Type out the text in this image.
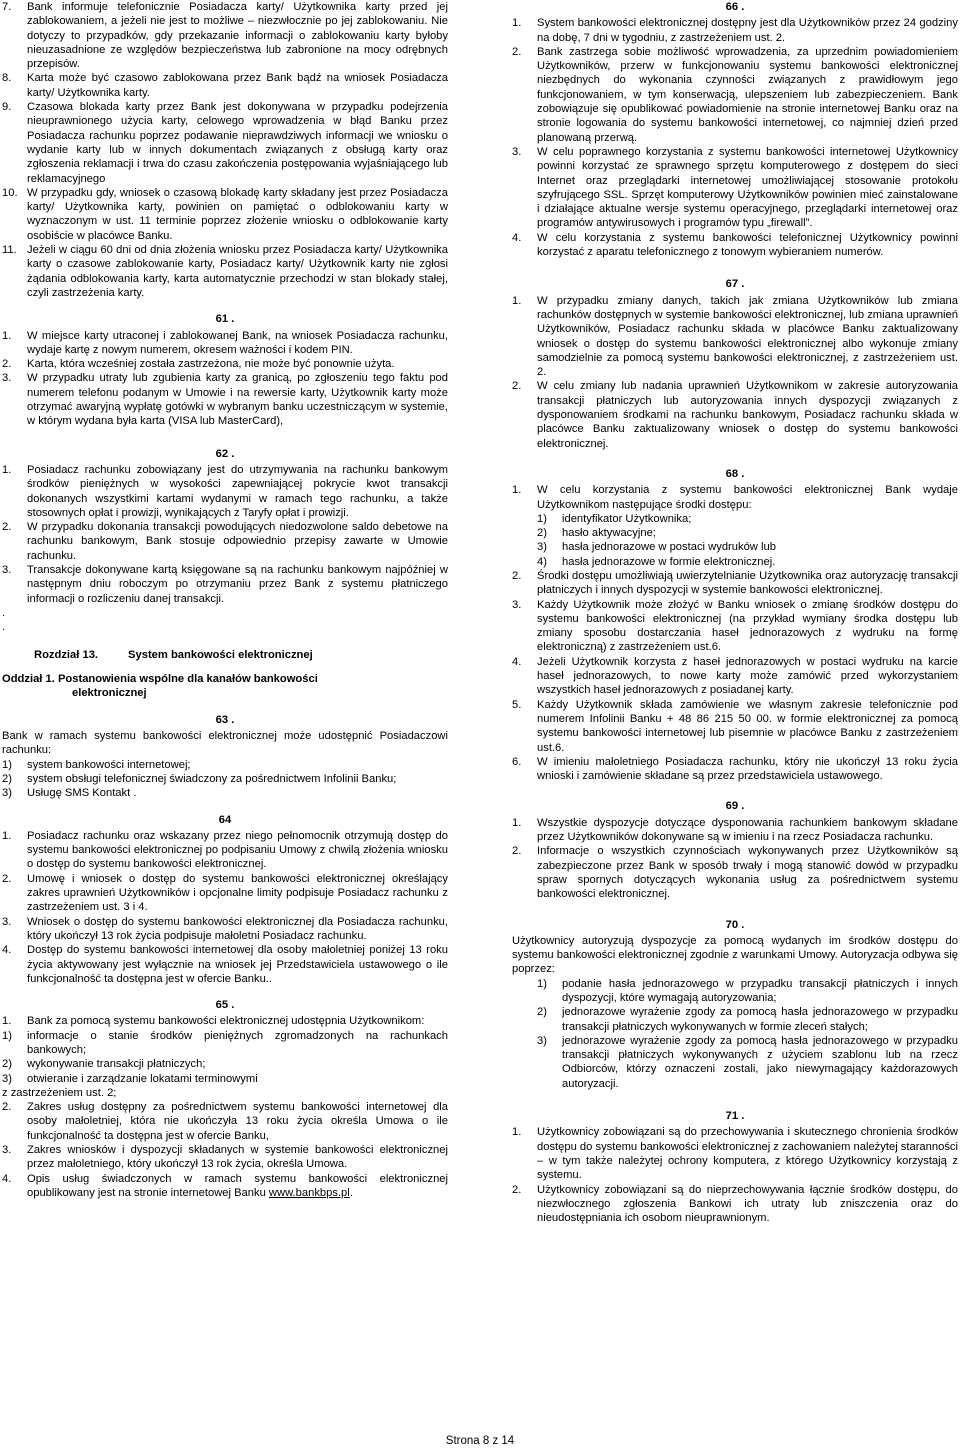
7. Bank informuje telefonicznie Posiadacza karty/ Użytkownika karty przed jej zablokowaniem, a jeżeli nie jest to możliwe – niezwłocznie po jej zablokowaniu. Nie dotyczy to przypadków, gdy przekazanie informacji o zablokowaniu karty byłoby nieuzasadnione ze względów bezpieczeństwa lub zabronione na mocy odrębnych przepisów.
8. Karta może być czasowo zablokowana przez Bank bądź na wniosek Posiadacza karty/ Użytkownika karty.
9. Czasowa blokada karty przez Bank jest dokonywana w przypadku podejrzenia nieuprawnionego użycia karty, celowego wprowadzenia w błąd Banku przez Posiadacza rachunku poprzez podawanie nieprawdziwych informacji we wniosku o wydanie karty lub w innych dokumentach związanych z obsługą karty oraz zgłoszenia reklamacji i trwa do czasu zakończenia postępowania wyjaśniającego lub reklamacyjnego
10. W przypadku gdy, wniosek o czasową blokadę karty składany jest przez Posiadacza karty/ Użytkownika karty, powinien on pamiętać o odblokowaniu karty w wyznaczonym w ust. 11 terminie poprzez złożenie wniosku o odblokowanie karty osobiście w placówce Banku.
11. Jeżeli w ciągu 60 dni od dnia złożenia wniosku przez Posiadacza karty/ Użytkownika karty o czasowe zablokowanie karty, Posiadacz karty/ Użytkownik karty nie zgłosi żądania odblokowania karty, karta automatycznie przechodzi w stan blokady stałej, czyli zastrzeżenia karty.

61 .

1. W miejsce karty utraconej i zablokowanej Bank, na wniosek Posiadacza rachunku, wydaje kartę z nowym numerem, okresem ważności i kodem PIN.
2. Karta, która wcześniej została zastrzeżona, nie może być ponownie użyta.
3. W przypadku utraty lub zgubienia karty za granicą, po zgłoszeniu tego faktu pod numerem telefonu podanym w Umowie i na rewersie karty, Użytkownik karty może otrzymać awaryjną wypłatę gotówki w wybranym banku uczestniczącym w systemie, w którym wydana była karta (VISA lub MasterCard),

62 .

1. Posiadacz rachunku zobowiązany jest do utrzymywania na rachunku bankowym środków pieniężnych w wysokości zapewniającej pokrycie kwot transakcji dokonanych wszystkimi kartami wydanymi w ramach tego rachunku, a także stosownych opłat i prowizji, wynikających z Taryfy opłat i prowizji.
2. W przypadku dokonania transakcji powodujących niedozwolone saldo debetowe na rachunku bankowym, Bank stosuje odpowiednio przepisy zawarte w Umowie rachunku.
3. Transakcje dokonywane kartą księgowane są na rachunku bankowym najpóźniej w następnym dniu roboczym po otrzymaniu przez Bank z systemu płatniczego informacji o rozliczeniu danej transakcji.

.

.

Rozdział 13.	System bankowości elektronicznej

Oddział 1. Postanowienia wspólne dla kanałów bankowości
elektronicznej

63 .

Bank w ramach systemu bankowości elektronicznej może udostępnić Posiadaczowi rachunku:

1) system bankowości internetowej;
2) system obsługi telefonicznej świadczony za pośrednictwem Infolinii Banku;
3) Usługę SMS Kontakt .

64

1. Posiadacz rachunku oraz wskazany przez niego pełnomocnik otrzymują dostęp do systemu bankowości elektronicznej po podpisaniu Umowy z chwilą złożenia wniosku o dostęp do systemu bankowości elektronicznej.
2. Umowę i wniosek o dostęp do systemu bankowości elektronicznej określający zakres uprawnień Użytkowników i opcjonalne limity podpisuje Posiadacz rachunku z zastrzeżeniem ust. 3 i 4.
3. Wniosek o dostęp do systemu bankowości elektronicznej dla Posiadacza rachunku, który ukończył 13 rok życia podpisuje małoletni Posiadacz rachunku.
4. Dostęp do systemu bankowości internetowej dla osoby małoletniej poniżej 13 roku życia aktywowany jest wyłącznie na wniosek jej Przedstawiciela ustawowego o ile funkcjonalność ta dostępna jest w ofercie Banku..

65 .

1. Bank za pomocą systemu bankowości elektronicznej udostępnia Użytkownikom:
1) informacje o stanie środków pieniężnych zgromadzonych na rachunkach bankowych;
2) wykonywanie transakcji płatniczych;
3) otwieranie i zarządzanie lokatami terminowymi

z zastrzeżeniem ust. 2;

2. Zakres usług dostępny za pośrednictwem systemu bankowości internetowej dla osoby małoletniej, która nie ukończyła 13 roku życia określa Umowa o ile funkcjonalność ta dostępna jest w ofercie Banku,
3. Zakres wniosków i dyspozycji składanych w systemie bankowości elektronicznej przez małoletniego, który ukończył 13 rok życia, określa Umowa.
4. Opis usług świadczonych w ramach systemu bankowości elektronicznej opublikowany jest na stronie internetowej Banku www.bankbps.pl.

66 .

1. System bankowości elektronicznej dostępny jest dla Użytkowników przez 24 godziny na dobę, 7 dni w tygodniu, z zastrzeżeniem ust. 2.
2. Bank zastrzega sobie możliwość wprowadzenia, za uprzednim powiadomieniem Użytkowników, przerw w funkcjonowaniu systemu bankowości elektronicznej niezbędnych do wykonania czynności związanych z prawidłowym jego funkcjonowaniem, w tym konserwacją, ulepszeniem lub zabezpieczeniem. Bank zobowiązuje się opublikować powiadomienie na stronie internetowej Banku oraz na stronie logowania do systemu bankowości internetowej, co najmniej dzień przed planowaną przerwą.
3. W celu poprawnego korzystania z systemu bankowości internetowej Użytkownicy powinni korzystać ze sprawnego sprzętu komputerowego z dostępem do sieci Internet oraz przeglądarki internetowej umożliwiającej stosowanie protokołu szyfrującego SSL. Sprzęt komputerowy Użytkowników powinien mieć zainstalowane i działające aktualne wersje systemu operacyjnego, przeglądarki internetowej oraz programów antywirusowych i programów typu „firewall”.
4. W celu korzystania z systemu bankowości telefonicznej Użytkownicy powinni korzystać z aparatu telefonicznego z tonowym wybieraniem numerów.

67 .

1. W przypadku zmiany danych, takich jak zmiana Użytkowników lub zmiana rachunków dostępnych w systemie bankowości elektronicznej, lub zmiana uprawnień Użytkowników, Posiadacz rachunku składa w placówce Banku zaktualizowany wniosek o dostęp do systemu bankowości elektronicznej albo wykonuje zmiany samodzielnie za pomocą systemu bankowości elektronicznej, z zastrzeżeniem ust. 2.
2. W celu zmiany lub nadania uprawnień Użytkownikom w zakresie autoryzowania transakcji płatniczych lub autoryzowania innych dyspozycji związanych z dysponowaniem środkami na rachunku bankowym, Posiadacz rachunku składa w placówce Banku zaktualizowany wniosek o dostęp do systemu bankowości elektronicznej.

68 .

1. W celu korzystania z systemu bankowości elektronicznej Bank wydaje Użytkownikom następujące środki dostępu:
1) identyfikator Użytkownika;
2) hasło aktywacyjne;
3) hasła jednorazowe w postaci wydruków lub
4) hasła jednorazowe w formie elektronicznej.
2. Środki dostępu umożliwiają uwierzytelnianie Użytkownika oraz autoryzację transakcji płatniczych i innych dyspozycji w systemie bankowości elektronicznej.
3. Każdy Użytkownik może złożyć w Banku wniosek o zmianę środków dostępu do systemu bankowości elektronicznej (na przykład wymiany środka dostępu lub zmiany sposobu dostarczania haseł jednorazowych z wydruku na formę elektroniczną) z zastrzeżeniem ust.6.
4. Jeżeli Użytkownik korzysta z haseł jednorazowych w postaci wydruku na karcie haseł jednorazowych, to nowe karty może zamówić przed wykorzystaniem wszystkich haseł jednorazowych z posiadanej karty.
5. Każdy Użytkownik składa zamówienie we własnym zakresie telefonicznie pod numerem Infolinii Banku + 48 86 215 50 00. w formie elektronicznej za pomocą systemu bankowości internetowej lub pisemnie w placówce Banku z zastrzeżeniem ust.6.
6. W imieniu małoletniego Posiadacza rachunku, który nie ukończył 13 roku życia wnioski i zamówienie składane są przez przedstawiciela ustawowego.

69 .

1. Wszystkie dyspozycje dotyczące dysponowania rachunkiem bankowym składane przez Użytkowników dokonywane są w imieniu i na rzecz Posiadacza rachunku.
2. Informacje o wszystkich czynnościach wykonywanych przez Użytkowników są zabezpieczone przez Bank w sposób trwały i mogą stanowić dowód w przypadku spraw spornych dotyczących wykonania usług za pośrednictwem systemu bankowości elektronicznej.

70 .

Użytkownicy autoryzują dyspozycje za pomocą wydanych im środków dostępu do systemu bankowości elektronicznej zgodnie z warunkami Umowy. Autoryzacja odbywa się poprzez:

1) podanie hasła jednorazowego w przypadku transakcji płatniczych i innych dyspozycji, które wymagają autoryzowania;
2) jednorazowe wyrażenie zgody za pomocą hasła jednorazowego w przypadku transakcji płatniczych wykonywanych w formie zleceń stałych;
3) jednorazowe wyrażenie zgody za pomocą hasła jednorazowego w przypadku transakcji płatniczych wykonywanych z użyciem szablonu lub na rzecz Odbiorców, którzy oznaczeni zostali, jako niewymagający każdorazowych autoryzacji.

71 .

1. Użytkownicy zobowiązani są do przechowywania i skutecznego chronienia środków dostępu do systemu bankowości elektronicznej z zachowaniem należytej staranności – w tym także należytej ochrony komputera, z którego Użytkownicy korzystają z systemu.
2. Użytkownicy zobowiązani są do nieprzechowywania łącznie środków dostępu, do niezwłocznego zgłoszenia Bankowi ich utraty lub zniszczenia oraz do nieudostępniania ich osobom nieuprawnionym.
Strona 8 z 14
